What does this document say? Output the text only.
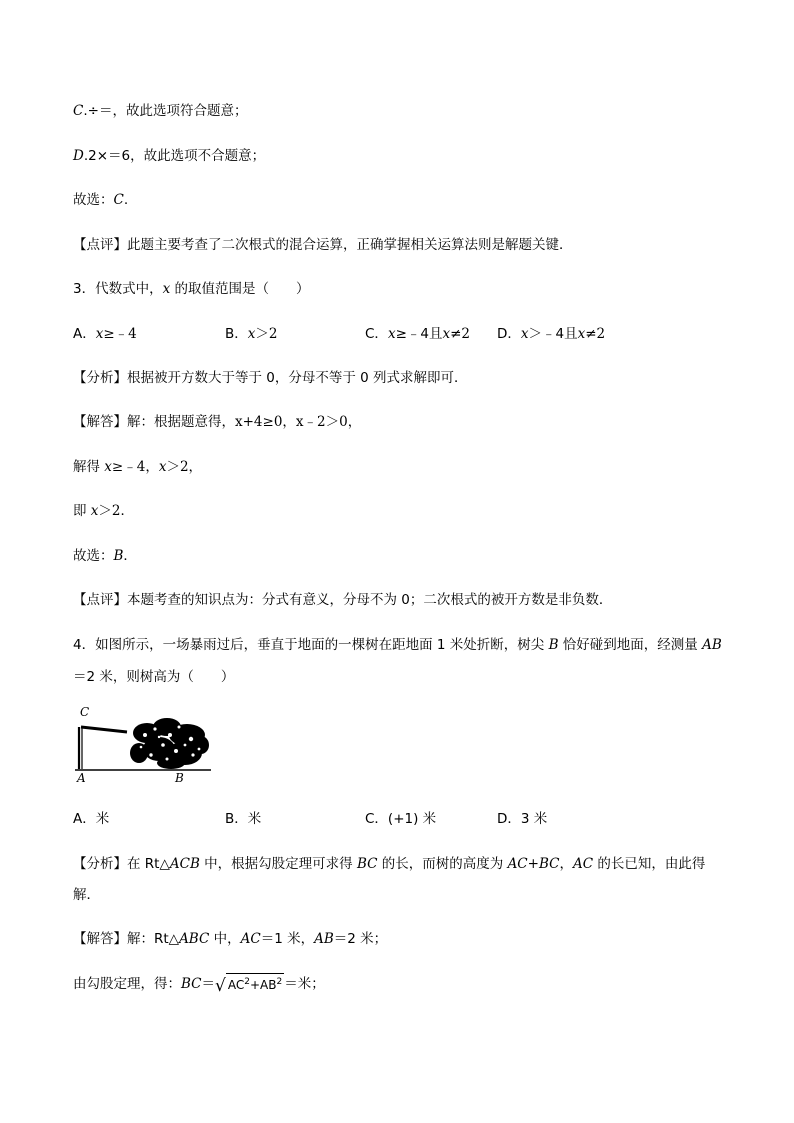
C.÷＝，故此选项符合题意；
D.2×＝6，故此选项不合题意；
故选：C.
【点评】此题主要考查了二次根式的混合运算，正确掌握相关运算法则是解题关键．
3．代数式中，x 的取值范围是（　　）
A．x≥﹣4	B．x＞2	C．x≥﹣4且x≠2 D．x＞﹣4且x≠2
【分析】根据被开方数大于等于 0，分母不等于 0 列式求解即可．
【解答】解：根据题意得，x+4≥0，x﹣2＞0，
解得 x≥﹣4，x＞2，
即 x＞2．
故选：B．
【点评】本题考查的知识点为：分式有意义，分母不为 0；二次根式的被开方数是非负数．
4．如图所示，一场暴雨过后，垂直于地面的一棵树在距地面 1 米处折断，树尖 B 恰好碰到地面，经测量 AB
＝2 米，则树高为（　　）
C
A	B
A．米	B．米	C．(+1) 米	D．3 米
【分析】在 Rt△ACB 中，根据勾股定理可求得 BC 的长，而树的高度为 AC+BC，AC 的长已知，由此得
解．
【解答】解：Rt△ABC 中，AC＝1 米，AB＝2 米；
由勾股定理，得：BC＝√ $AC^2+AB^2$ ＝米；
